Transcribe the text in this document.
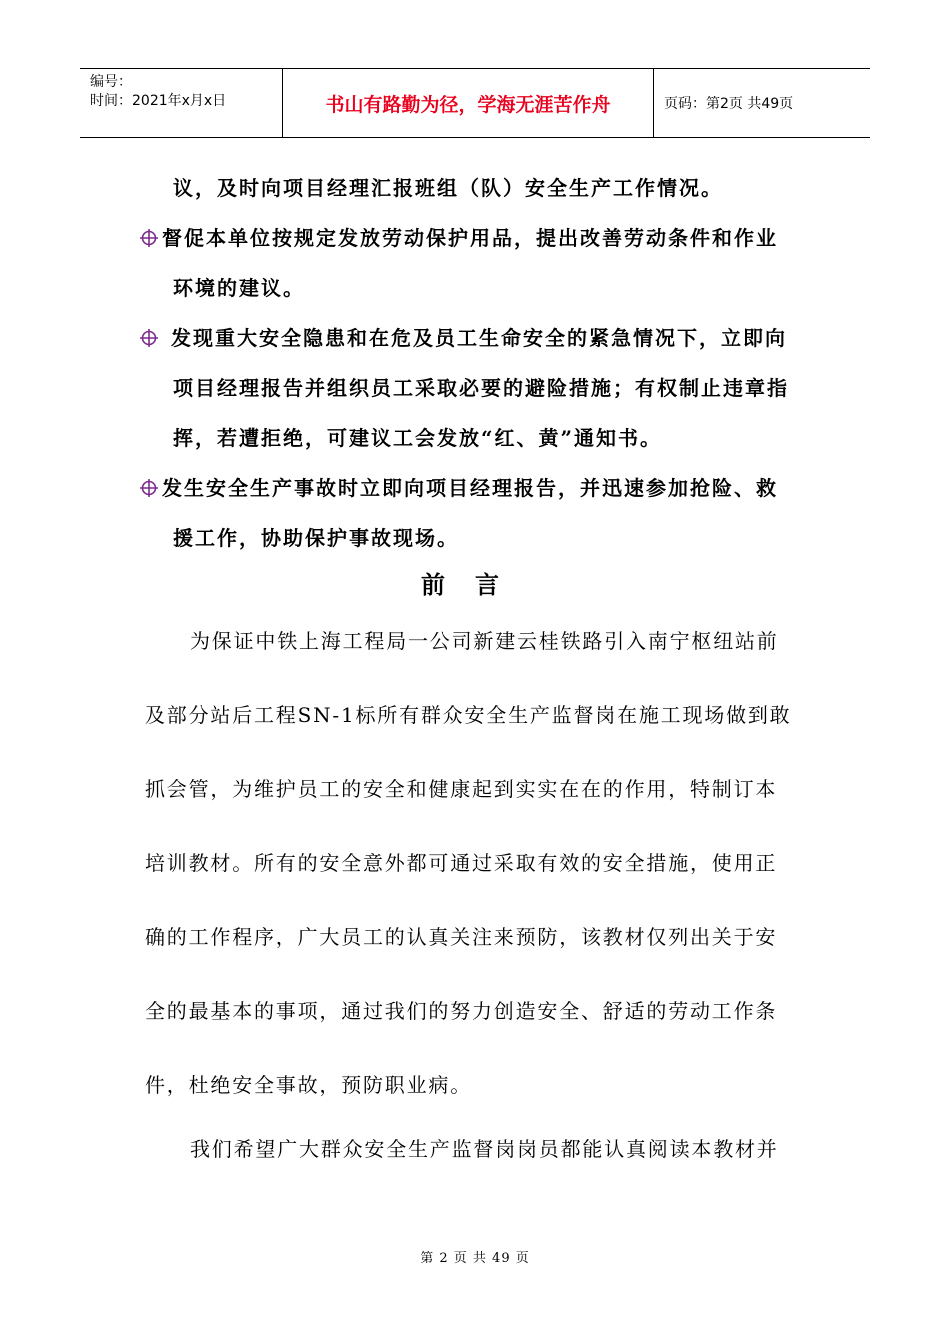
编号：
时间：2021年x月x日	书山有路勤为径，学海无涯苦作舟	页码：第2页 共49页
议，及时向项目经理汇报班组（队）安全生产工作情况。
督促本单位按规定发放劳动保护用品，提出改善劳动条件和作业
环境的建议。
发现重大安全隐患和在危及员工生命安全的紧急情况下，立即向
项目经理报告并组织员工采取必要的避险措施；有权制止违章指
挥，若遭拒绝，可建议工会发放“红、黄”通知书。
发生安全生产事故时立即向项目经理报告，并迅速参加抢险、救
援工作，协助保护事故现场。
前言
为保证中铁上海工程局一公司新建云桂铁路引入南宁枢纽站前
及部分站后工程SN-1标所有群众安全生产监督岗在施工现场做到敢
抓会管，为维护员工的安全和健康起到实实在在的作用，特制订本
培训教材。所有的安全意外都可通过采取有效的安全措施，使用正
确的工作程序，广大员工的认真关注来预防，该教材仅列出关于安
全的最基本的事项，通过我们的努力创造安全、舒适的劳动工作条
件，杜绝安全事故，预防职业病。
我们希望广大群众安全生产监督岗岗员都能认真阅读本教材并
第 2 页 共 49 页
